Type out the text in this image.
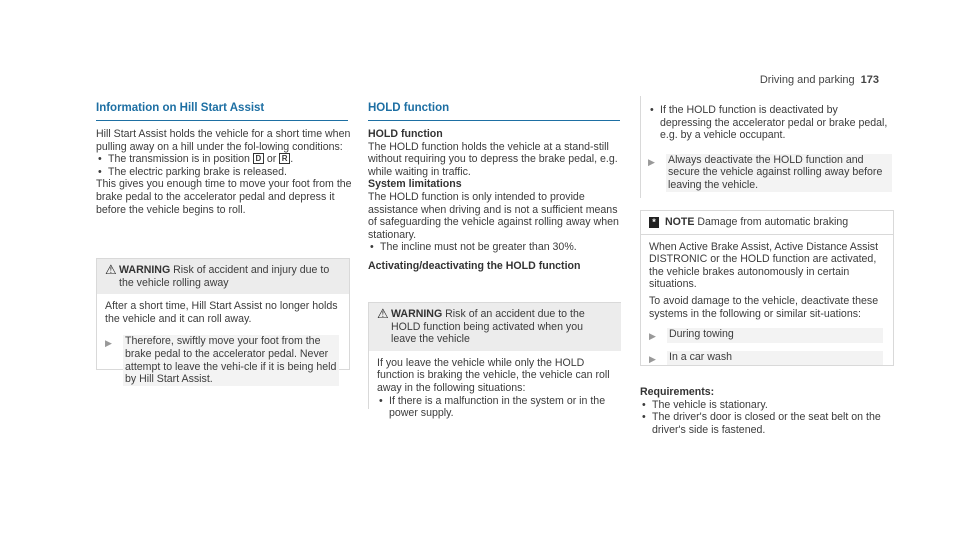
Driving and parking 173
Information on Hill Start Assist

Hill Start Assist holds the vehicle for a short time when pulling away on a hill under the fol-lowing conditions:

• The transmission is in position D or R .
• The electric parking brake is released.

This gives you enough time to move your foot from the brake pedal to the accelerator pedal and depress it before the vehicle begins to roll.

⚠ WARNING Risk of accident and injury due to the vehicle rolling away

After a short time, Hill Start Assist no longer holds the vehicle and it can roll away.

▶	Therefore, swiftly move your foot from the brake pedal to the accelerator pedal. Never attempt to leave the vehi-cle if it is being held by Hill Start Assist.
HOLD function

HOLD function

The HOLD function holds the vehicle at a stand-still without requiring you to depress the brake pedal, e.g. while waiting in traffic.

System limitations

The HOLD function is only intended to provide assistance when driving and is not a sufficient means of safeguarding the vehicle against rolling away when stationary.

• The incline must not be greater than 30%.

Activating/deactivating the HOLD function

⚠ WARNING Risk of an accident due to the HOLD function being activated when you leave the vehicle

If you leave the vehicle while only the HOLD function is braking the vehicle, the vehicle can roll away in the following situations:

• If there is a malfunction in the system or in the power supply.
• If the HOLD function is deactivated by depressing the accelerator pedal or brake pedal, e.g. by a vehicle occupant.
▶	Always deactivate the HOLD function and secure the vehicle against rolling away before leaving the vehicle.
* NOTE Damage from automatic braking

When Active Brake Assist, Active Distance Assist DISTRONIC or the HOLD function are activated, the vehicle brakes autonomously in certain situations.

To avoid damage to the vehicle, deactivate these systems in the following or similar sit-uations:

▶	During towing
▶	In a car wash

Requirements:

• The vehicle is stationary.
• The driver's door is closed or the seat belt on the driver's side is fastened.
